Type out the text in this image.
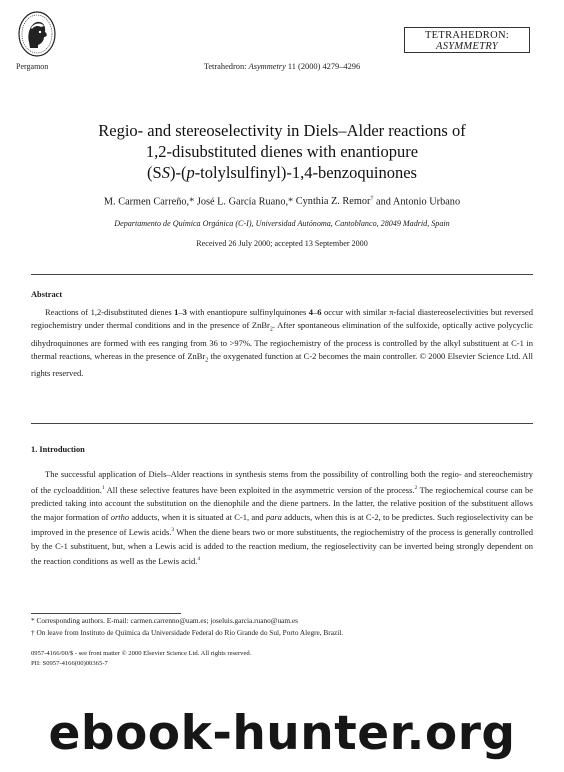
Pergamon	Tetrahedron: Asymmetry 11 (2000) 4279–4296
TETRAHEDRON:
ASYMMETRY
Regio- and stereoselectivity in Diels–Alder reactions of
1,2-disubstituted dienes with enantiopure
(SS)-(p-tolylsulfinyl)-1,4-benzoquinones
M. Carmen Carreño,* José L. García Ruano,* Cynthia Z. Remor† and Antonio Urbano
Departamento de Química Orgánica (C-I), Universidad Autónoma, Cantoblanco, 28049 Madrid, Spain
Received 26 July 2000; accepted 13 September 2000
Abstract
Reactions of 1,2-disubstituted dienes 1–3 with enantiopure sulfinylquinones 4–6 occur with similar π-facial diastereoselectivities but reversed regiochemistry under thermal conditions and in the presence of ZnBr$_2$. After spontaneous elimination of the sulfoxide, optically active polycyclic dihydroquinones are formed with ees ranging from 36 to >97%. The regiochemistry of the process is controlled by the alkyl substituent at C-1 in thermal reactions, whereas in the presence of ZnBr$_2$ the oxygenated function at C-2 becomes the main controller. © 2000 Elsevier Science Ltd. All rights reserved.
1. Introduction
The successful application of Diels–Alder reactions in synthesis stems from the possibility of controlling both the regio- and stereochemistry of the cycloaddition.$^1$ All these selective features have been exploited in the asymmetric version of the process.$^2$ The regiochemical course can be predicted taking into account the substitution on the dienophile and the diene partners. In the latter, the relative position of the substituent allows the major formation of ortho adducts, when it is situated at C-1, and para adducts, when this is at C-2, to be predictes. Such regioselectivity can be improved in the presence of Lewis acids.$^3$ When the diene bears two or more substituents, the regiochemistry of the process is generally controlled by the C-1 substituent, but, when a Lewis acid is added to the reaction medium, the regioselectivity can be inverted being strongly dependent on the reaction conditions as well as the Lewis acid.$^4$
* Corresponding authors. E-mail: carmen.carrenno@uam.es; joseluis.garcia.ruano@uam.es
† On leave from Instituto de Química da Universidade Federal do Rio Grande do Sul, Porto Alegre, Brazil.
0957-4166/00/$ - see front matter © 2000 Elsevier Science Ltd. All rights reserved.
PII: S0957-4166(00)00365-7
ebook-hunter.org
